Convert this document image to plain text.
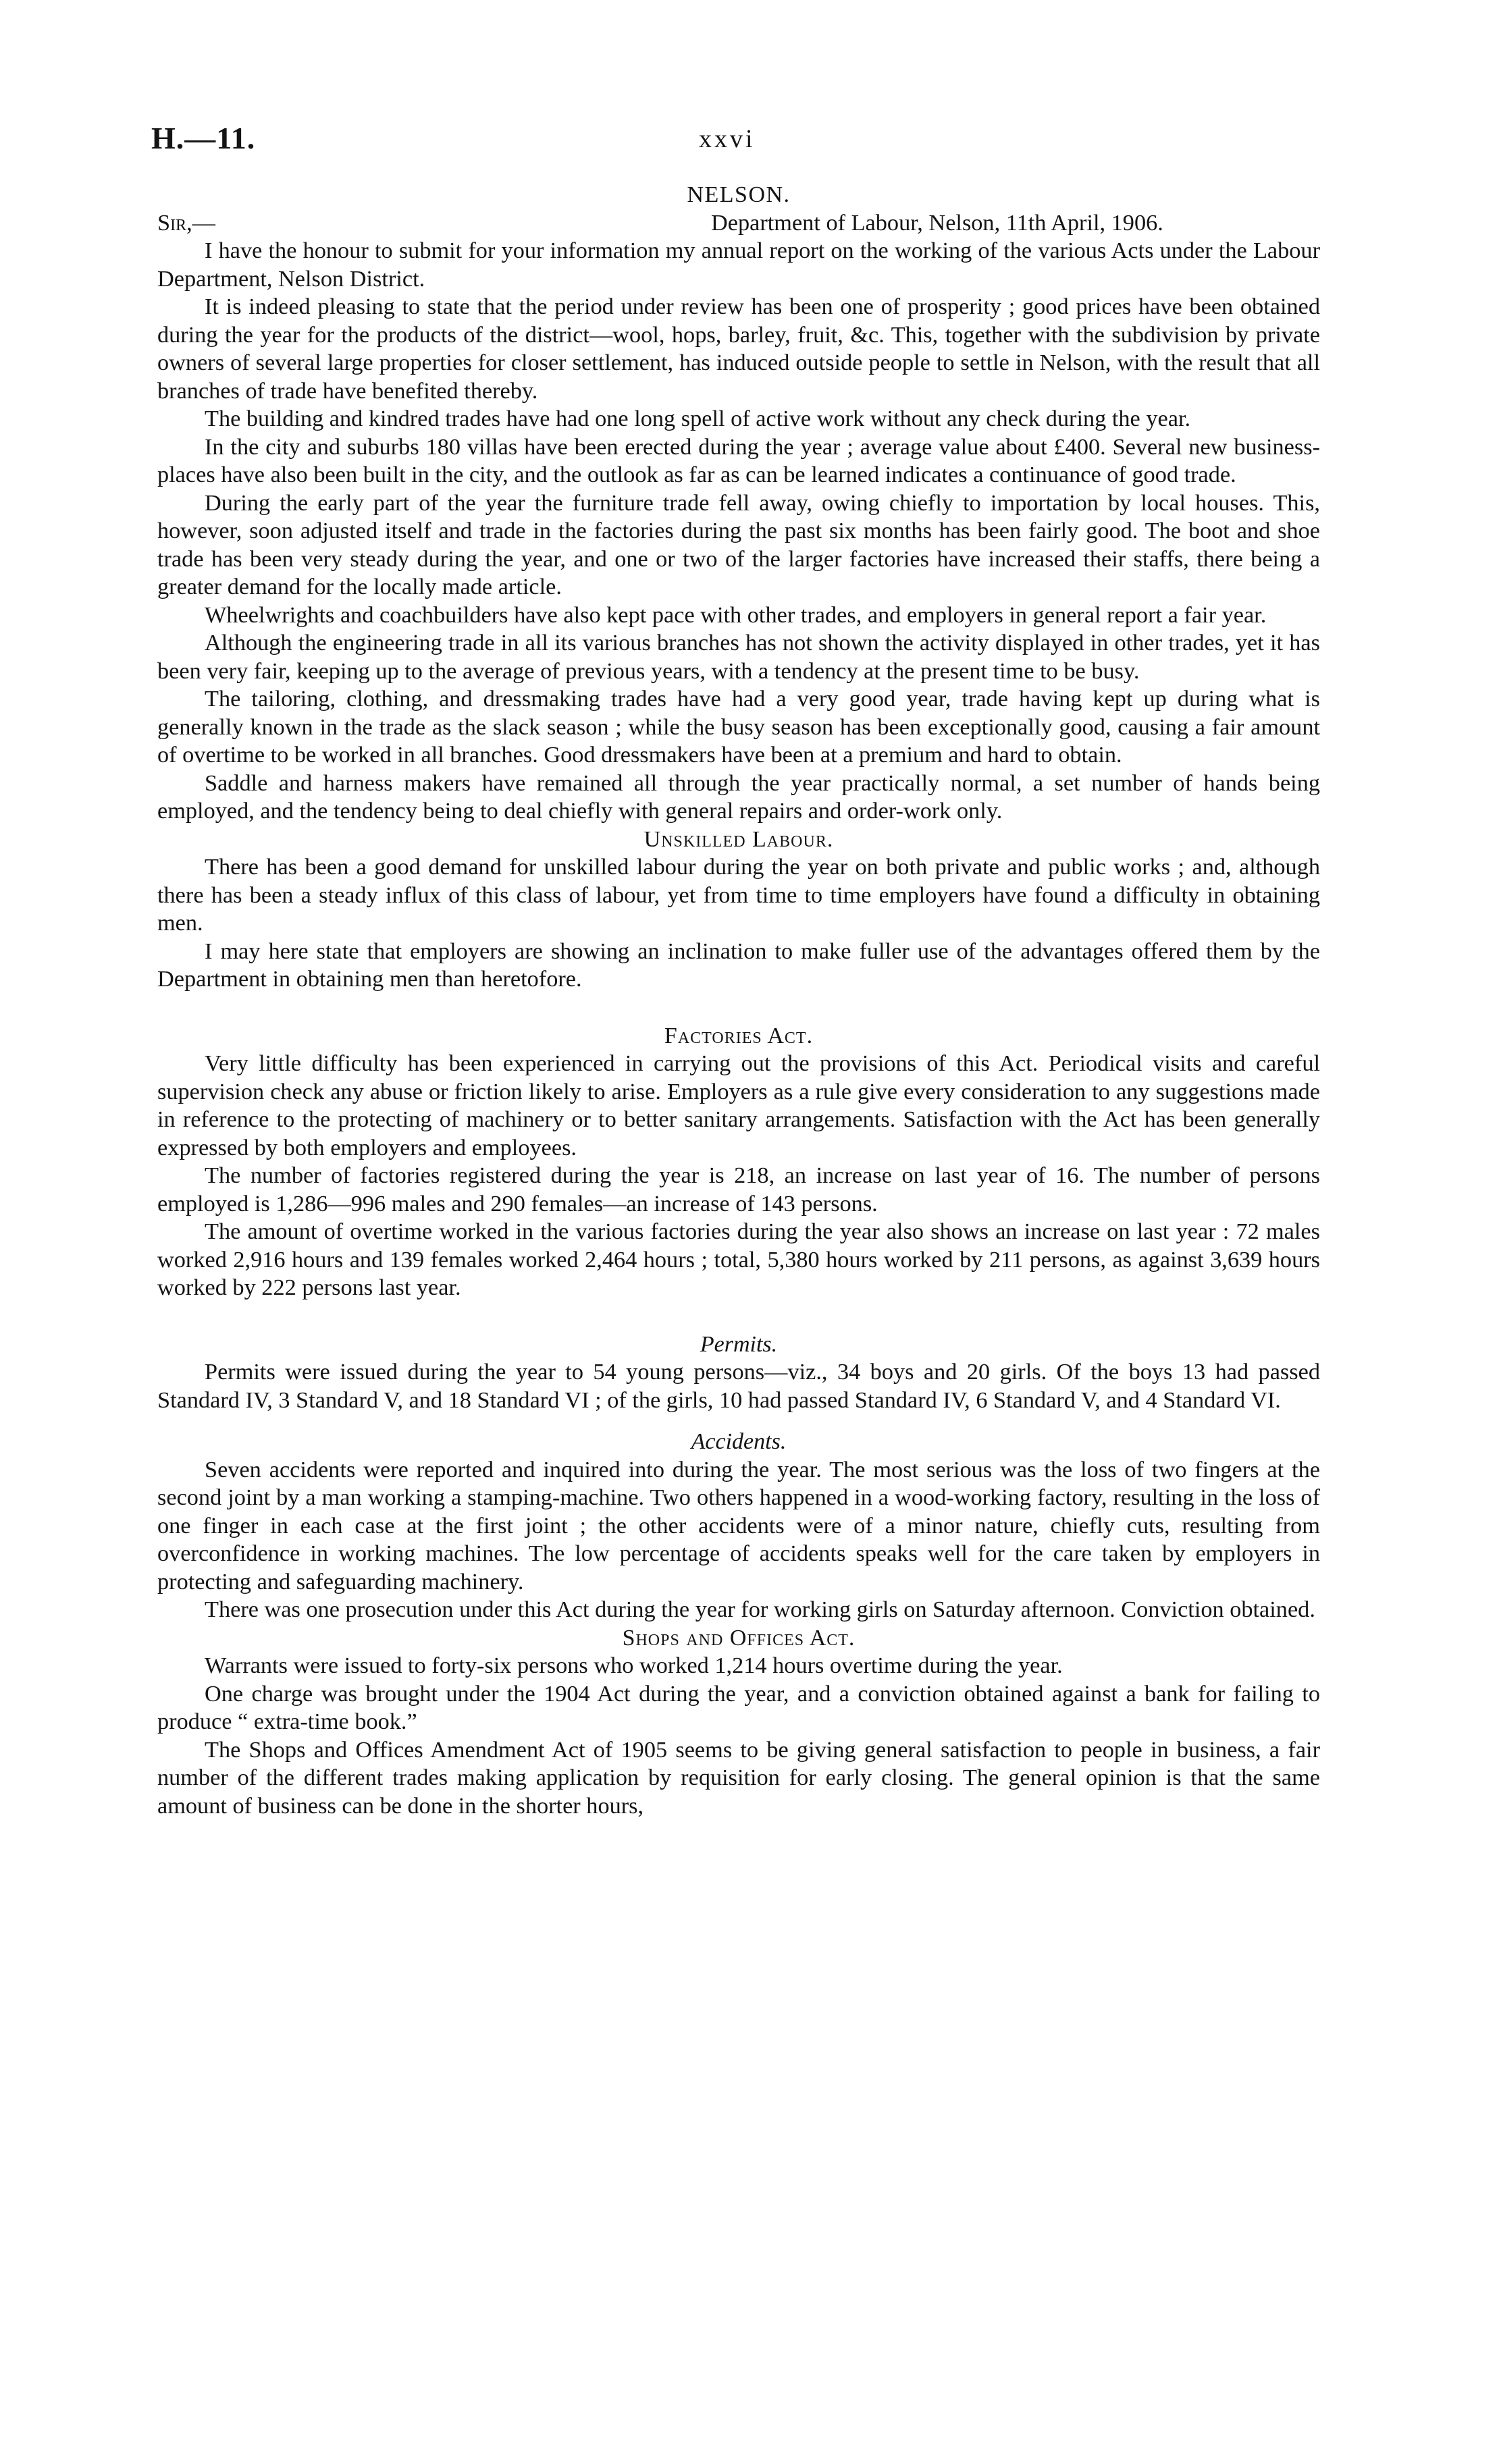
H.—11.	xxvi
NELSON.
Sir,—	Department of Labour, Nelson, 11th April, 1906.

I have the honour to submit for your information my annual report on the working of the various Acts under the Labour Department, Nelson District.

It is indeed pleasing to state that the period under review has been one of prosperity ; good prices have been obtained during the year for the products of the district—wool, hops, barley, fruit, &c. This, together with the subdivision by private owners of several large properties for closer settlement, has induced outside people to settle in Nelson, with the result that all branches of trade have benefited thereby.

The building and kindred trades have had one long spell of active work without any check during the year.

In the city and suburbs 180 villas have been erected during the year ; average value about £400. Several new business-places have also been built in the city, and the outlook as far as can be learned indicates a continuance of good trade.

During the early part of the year the furniture trade fell away, owing chiefly to importation by local houses. This, however, soon adjusted itself and trade in the factories during the past six months has been fairly good. The boot and shoe trade has been very steady during the year, and one or two of the larger factories have increased their staffs, there being a greater demand for the locally made article.

Wheelwrights and coachbuilders have also kept pace with other trades, and employers in general report a fair year.

Although the engineering trade in all its various branches has not shown the activity displayed in other trades, yet it has been very fair, keeping up to the average of previous years, with a tendency at the present time to be busy.

The tailoring, clothing, and dressmaking trades have had a very good year, trade having kept up during what is generally known in the trade as the slack season ; while the busy season has been exceptionally good, causing a fair amount of overtime to be worked in all branches. Good dressmakers have been at a premium and hard to obtain.

Saddle and harness makers have remained all through the year practically normal, a set number of hands being employed, and the tendency being to deal chiefly with general repairs and order-work only.

Unskilled Labour.

There has been a good demand for unskilled labour during the year on both private and public works ; and, although there has been a steady influx of this class of labour, yet from time to time employers have found a difficulty in obtaining men.

I may here state that employers are showing an inclination to make fuller use of the advantages offered them by the Department in obtaining men than heretofore.

Factories Act.

Very little difficulty has been experienced in carrying out the provisions of this Act. Periodical visits and careful supervision check any abuse or friction likely to arise. Employers as a rule give every consideration to any suggestions made in reference to the protecting of machinery or to better sanitary arrangements. Satisfaction with the Act has been generally expressed by both employers and employees.

The number of factories registered during the year is 218, an increase on last year of 16. The number of persons employed is 1,286—996 males and 290 females—an increase of 143 persons.

The amount of overtime worked in the various factories during the year also shows an increase on last year : 72 males worked 2,916 hours and 139 females worked 2,464 hours ; total, 5,380 hours worked by 211 persons, as against 3,639 hours worked by 222 persons last year.

Permits.

Permits were issued during the year to 54 young persons—viz., 34 boys and 20 girls. Of the boys 13 had passed Standard IV, 3 Standard V, and 18 Standard VI ; of the girls, 10 had passed Standard IV, 6 Standard V, and 4 Standard VI.

Accidents.

Seven accidents were reported and inquired into during the year. The most serious was the loss of two fingers at the second joint by a man working a stamping-machine. Two others happened in a wood-working factory, resulting in the loss of one finger in each case at the first joint ; the other accidents were of a minor nature, chiefly cuts, resulting from overconfidence in working machines. The low percentage of accidents speaks well for the care taken by employers in protecting and safeguarding machinery.

There was one prosecution under this Act during the year for working girls on Saturday afternoon. Conviction obtained.

Shops and Offices Act.

Warrants were issued to forty-six persons who worked 1,214 hours overtime during the year.

One charge was brought under the 1904 Act during the year, and a conviction obtained against a bank for failing to produce “ extra-time book.”

The Shops and Offices Amendment Act of 1905 seems to be giving general satisfaction to people in business, a fair number of the different trades making application by requisition for early closing. The general opinion is that the same amount of business can be done in the shorter hours,
